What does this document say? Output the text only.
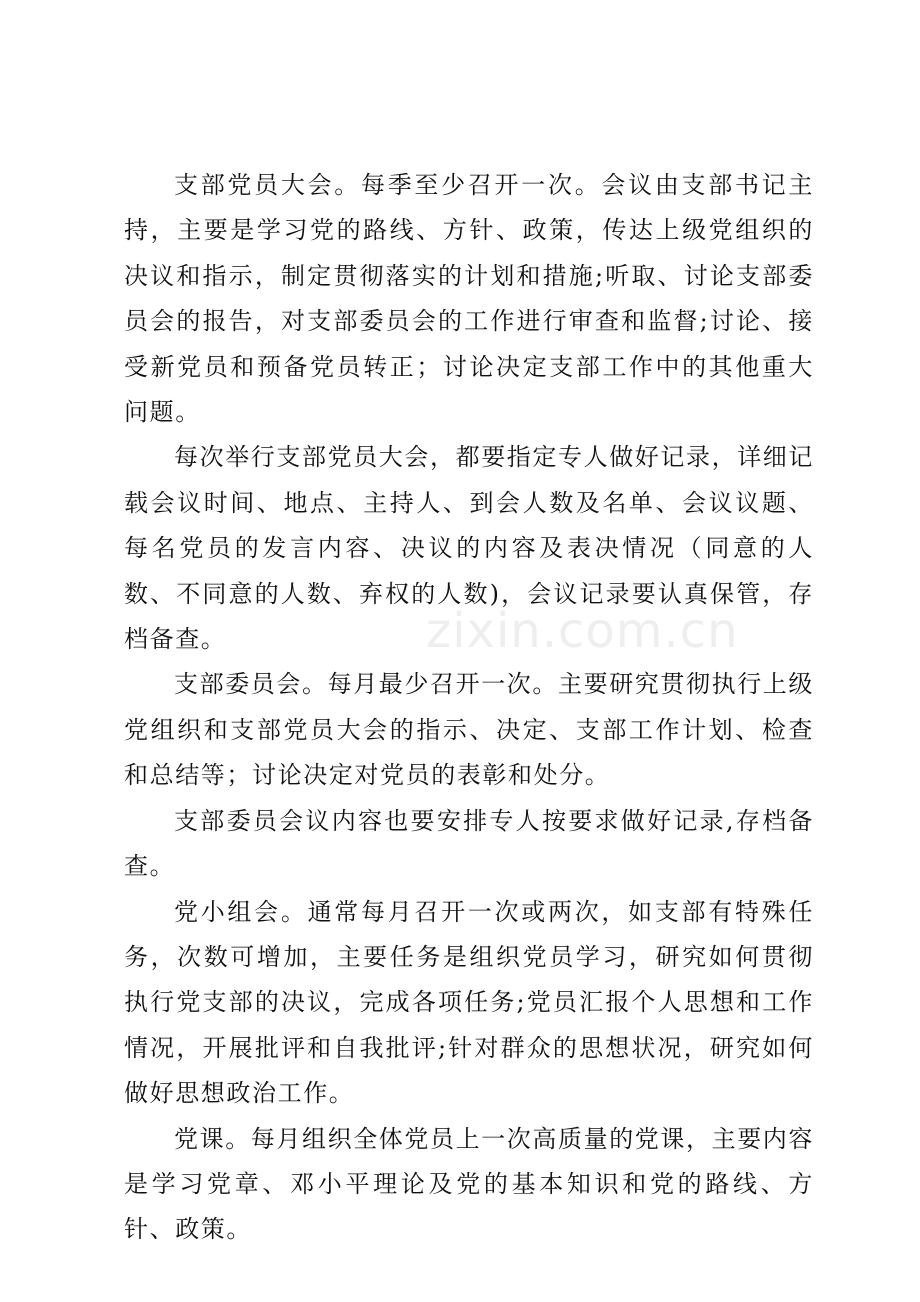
支部党员大会。每季至少召开一次。会议由支部书记主持，主要是学习党的路线、方针、政策，传达上级党组织的决议和指示，制定贯彻落实的计划和措施;听取、讨论支部委员会的报告，对支部委员会的工作进行审查和监督;讨论、接受新党员和预备党员转正；讨论决定支部工作中的其他重大问题。

每次举行支部党员大会，都要指定专人做好记录，详细记载会议时间、地点、主持人、到会人数及名单、会议议题、每名党员的发言内容、决议的内容及表决情况（同意的人数、不同意的人数、弃权的人数)，会议记录要认真保管，存档备查。

支部委员会。每月最少召开一次。主要研究贯彻执行上级党组织和支部党员大会的指示、决定、支部工作计划、检查和总结等；讨论决定对党员的表彰和处分。

支部委员会议内容也要安排专人按要求做好记录,存档备查。

党小组会。通常每月召开一次或两次，如支部有特殊任务，次数可增加，主要任务是组织党员学习，研究如何贯彻执行党支部的决议，完成各项任务;党员汇报个人思想和工作情况，开展批评和自我批评;针对群众的思想状况，研究如何做好思想政治工作。

党课。每月组织全体党员上一次高质量的党课，主要内容是学习党章、邓小平理论及党的基本知识和党的路线、方针、政策。

zixin.com.cn
